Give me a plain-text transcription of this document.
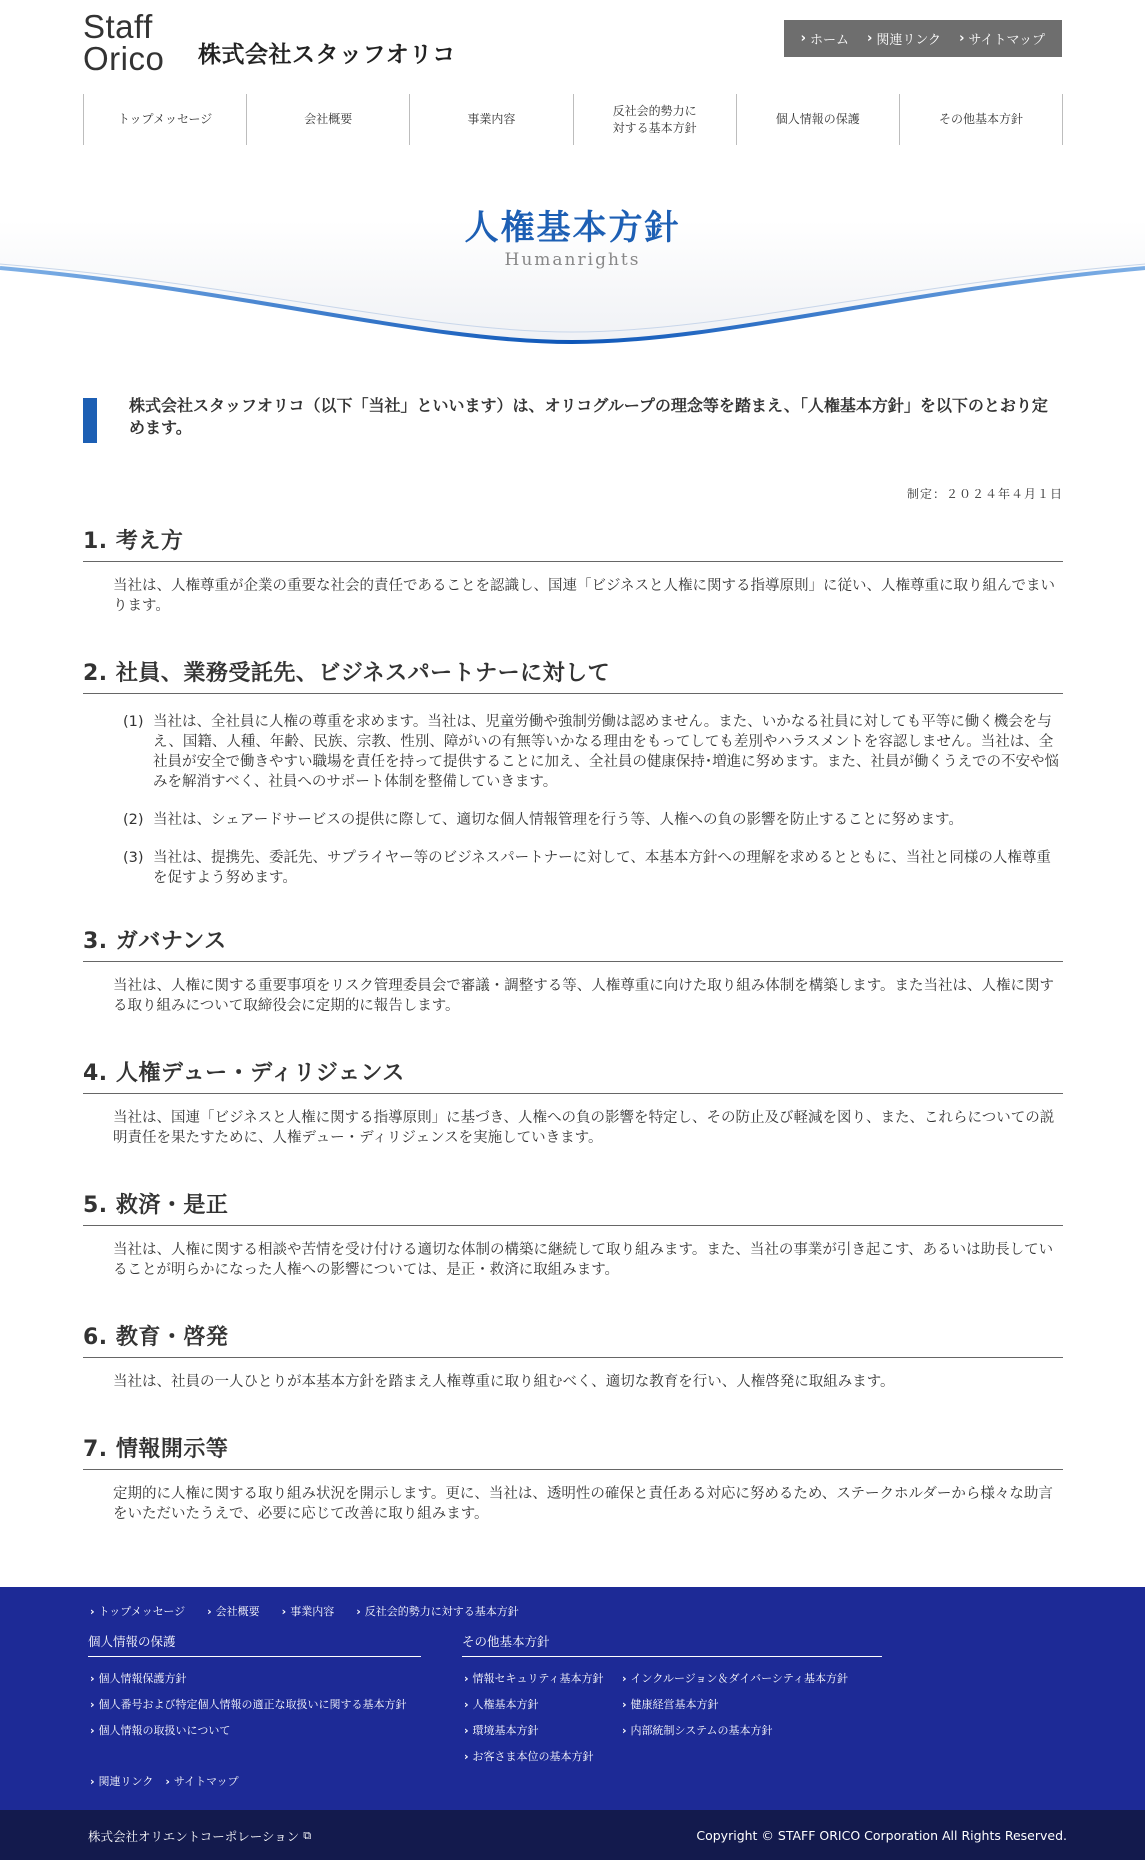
Staff
Orico 株式会社スタッフオリコ
› ホーム › 関連リンク › サイトマップ
トップメッセージ	会社概要	事業内容
反社会的勢力に
対する基本方針
個人情報の保護	その他基本方針
人権基本方針
Humanrights

株式会社スタッフオリコ（以下「当社」といいます）は、オリコグループの理念等を踏まえ、「人権基本方針」を以下のとおり定めます。

制定：２０２４年４月１日
1. 考え方

当社は、人権尊重が企業の重要な社会的責任であることを認識し、国連「ビジネスと人権に関する指導原則」に従い、人権尊重に取り組んでまいります。

2. 社員、業務受託先、ビジネスパートナーに対して
(1) 当社は、全社員に人権の尊重を求めます。当社は、児童労働や強制労働は認めません。また、いかなる社員に対しても平等に働く機会を与え、国籍、人種、年齢、民族、宗教、性別、障がいの有無等いかなる理由をもってしても差別やハラスメントを容認しません。当社は、全社員が安全で働きやすい職場を責任を持って提供することに加え、全社員の健康保持･増進に努めます。また、社員が働くうえでの不安や悩みを解消すべく、社員へのサポート体制を整備していきます。
(2) 当社は、シェアードサービスの提供に際して、適切な個人情報管理を行う等、人権への負の影響を防止することに努めます。
(3) 当社は、提携先、委託先、サプライヤー等のビジネスパートナーに対して、本基本方針への理解を求めるとともに、当社と同様の人権尊重を促すよう努めます。
3. ガバナンス

当社は、人権に関する重要事項をリスク管理委員会で審議・調整する等、人権尊重に向けた取り組み体制を構築します。また当社は、人権に関する取り組みについて取締役会に定期的に報告します。

4. 人権デュー・ディリジェンス

当社は、国連「ビジネスと人権に関する指導原則」に基づき、人権への負の影響を特定し、その防止及び軽減を図り、また、これらについての説明責任を果たすために、人権デュー・ディリジェンスを実施していきます。

5. 救済・是正

当社は、人権に関する相談や苦情を受け付ける適切な体制の構築に継続して取り組みます。また、当社の事業が引き起こす、あるいは助長していることが明らかになった人権への影響については、是正・救済に取組みます。

6. 教育・啓発

当社は、社員の一人ひとりが本基本方針を踏まえ人権尊重に取り組むべく、適切な教育を行い、人権啓発に取組みます。

7. 情報開示等

定期的に人権に関する取り組み状況を開示します。更に、当社は、透明性の確保と責任ある対応に努めるため、ステークホルダーから様々な助言をいただいたうえで、必要に応じて改善に取り組みます。

› トップメッセージ › 会社概要 › 事業内容 › 反社会的勢力に対する基本方針
個人情報の保護
› 個人情報保護方針
› 個人番号および特定個人情報の適正な取扱いに関する基本方針
› 個人情報の取扱いについて
その他基本方針
› 情報セキュリティ基本方針
› 人権基本方針
› 環境基本方針
› お客さま本位の基本方針
› インクルージョン＆ダイバーシティ基本方針
› 健康経営基本方針
› 内部統制システムの基本方針
› 関連リンク › サイトマップ
株式会社オリエントコーポレーション ⧉	Copyright © STAFF ORICO Corporation All Rights Reserved.
